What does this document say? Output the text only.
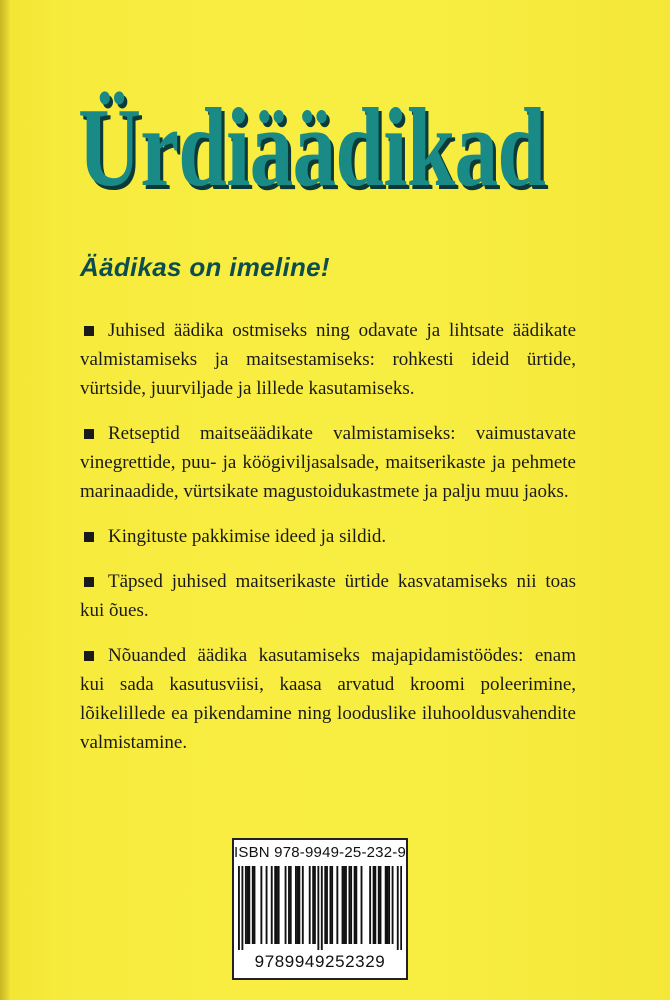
Ürdiäädikad
Äädikas on imeline!
Juhised äädika ostmiseks ning odavate ja lihtsate äädikate valmistamiseks ja maitsestamiseks: rohkesti ideid ürtide, vürtside, juurviljade ja lillede kasutamiseks.
Retseptid maitseäädikate valmistamiseks: vaimustavate vinegrettide, puu- ja köögiviljasalsade, maitserikaste ja pehmete marinaadide, vürtsikate magustoidukastmete ja palju muu jaoks.
Kingituste pakkimise ideed ja sildid.
Täpsed juhised maitserikaste ürtide kasvatamiseks nii toas kui õues.
Nõuanded äädika kasutamiseks majapidamistöödes: enam kui sada kasutusviisi, kaasa arvatud kroomi poleerimine, lõikelillede ea pikendamine ning looduslike iluhooldusvahendite valmistamine.
ISBN 978-9949-25-232-9
9789949252329
